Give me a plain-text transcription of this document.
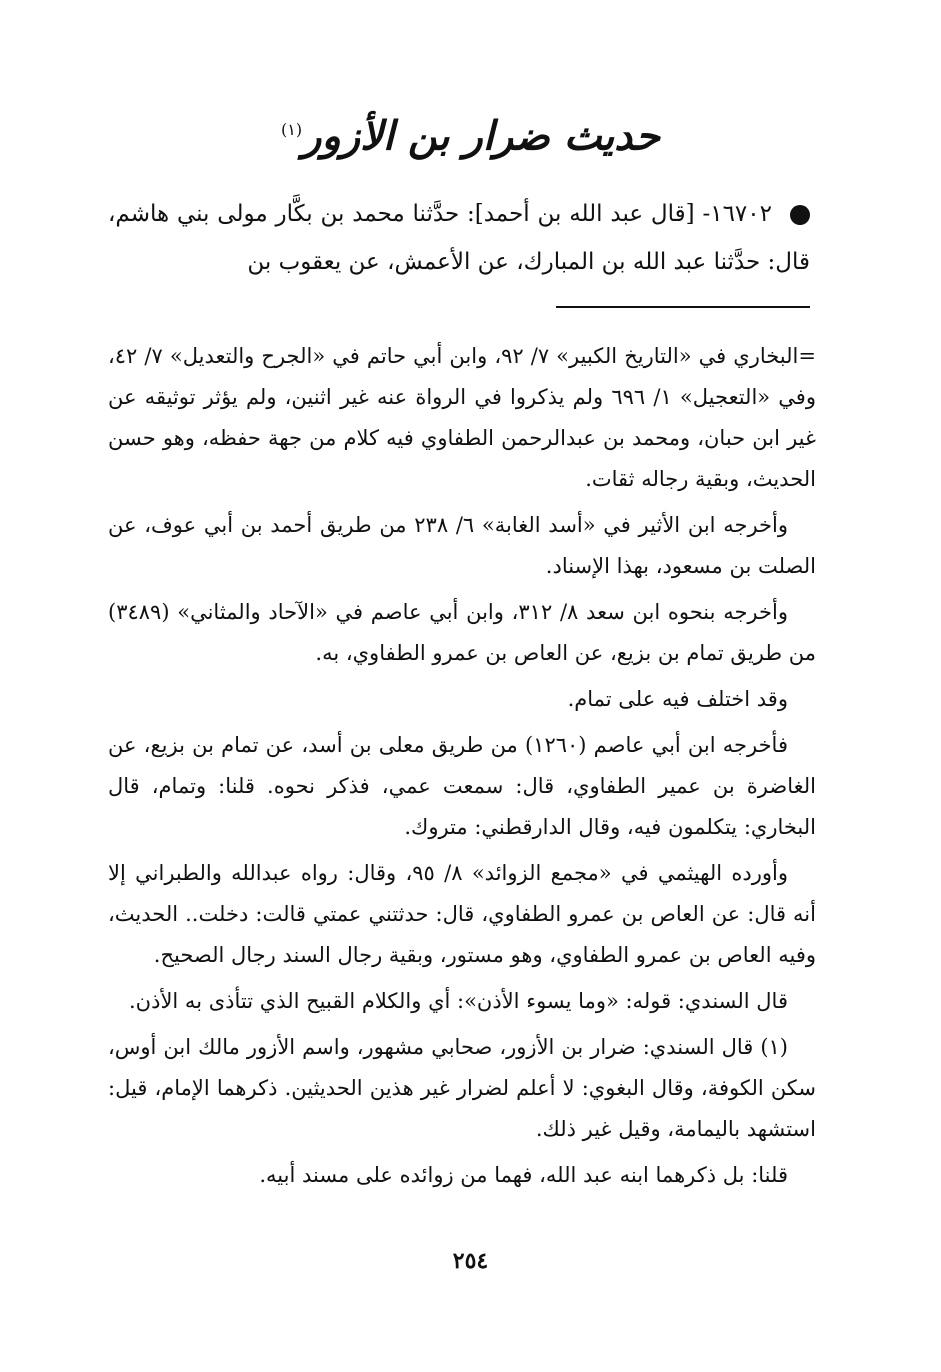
حديث ضرار بن الأزور$^{(١)}$
١٦٧٠٢- [قال عبد الله بن أحمد]: حدَّثنا محمد بن بكَّار مولى بني هاشم، قال: حدَّثنا عبد الله بن المبارك، عن الأعمش، عن يعقوب بن

=البخاري في «التاريخ الكبير» ٧/ ٩٢، وابن أبي حاتم في «الجرح والتعديل» ٧/ ٤٢، وفي «التعجيل» ١/ ٦٩٦ ولم يذكروا في الرواة عنه غير اثنين، ولم يؤثر توثيقه عن غير ابن حبان، ومحمد بن عبدالرحمن الطفاوي فيه كلام من جهة حفظه، وهو حسن الحديث، وبقية رجاله ثقات.

وأخرجه ابن الأثير في «أسد الغابة» ٦/ ٢٣٨ من طريق أحمد بن أبي عوف، عن الصلت بن مسعود، بهذا الإسناد.

وأخرجه بنحوه ابن سعد ٨/ ٣١٢، وابن أبي عاصم في «الآحاد والمثاني» (٣٤٨٩) من طريق تمام بن بزيع، عن العاص بن عمرو الطفاوي، به.

وقد اختلف فيه على تمام.

فأخرجه ابن أبي عاصم (١٢٦٠) من طريق معلى بن أسد، عن تمام بن بزيع، عن الغاضرة بن عمير الطفاوي، قال: سمعت عمي، فذكر نحوه. قلنا: وتمام، قال البخاري: يتكلمون فيه، وقال الدارقطني: متروك.

وأورده الهيثمي في «مجمع الزوائد» ٨/ ٩٥، وقال: رواه عبدالله والطبراني إلا أنه قال: عن العاص بن عمرو الطفاوي، قال: حدثتني عمتي قالت: دخلت.. الحديث، وفيه العاص بن عمرو الطفاوي، وهو مستور، وبقية رجال السند رجال الصحيح.

قال السندي: قوله: «وما يسوء الأذن»: أي والكلام القبيح الذي تتأذى به الأذن.

(١) قال السندي: ضرار بن الأزور، صحابي مشهور، واسم الأزور مالك ابن أوس، سكن الكوفة، وقال البغوي: لا أعلم لضرار غير هذين الحديثين. ذكرهما الإمام، قيل: استشهد باليمامة، وقيل غير ذلك.

قلنا: بل ذكرهما ابنه عبد الله، فهما من زوائده على مسند أبيه.

٢٥٤
